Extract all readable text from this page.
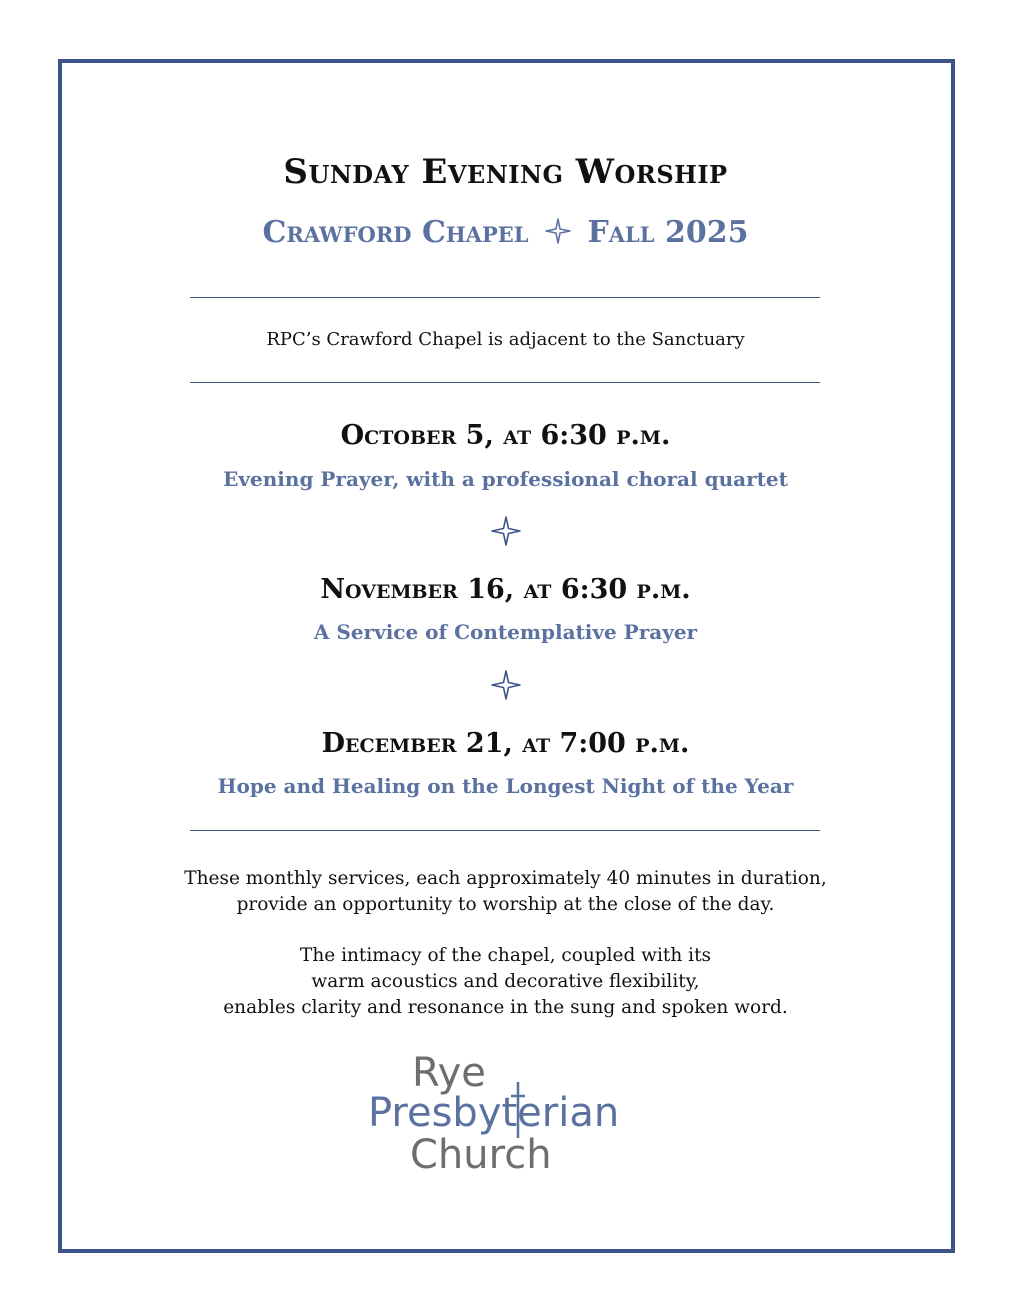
Sunday Evening Worship
Crawford Chapel Fall 2025
RPC’s Crawford Chapel is adjacent to the Sanctuary
October 5, at 6:30 p.m.
Evening Prayer, with a professional choral quartet
November 16, at 6:30 p.m.
A Service of Contemplative Prayer
December 21, at 7:00 p.m.
Hope and Healing on the Longest Night of the Year
These monthly services, each approximately 40 minutes in duration,
provide an opportunity to worship at the close of the day.
The intimacy of the chapel, coupled with its
warm acoustics and decorative flexibility,
enables clarity and resonance in the sung and spoken word.
Rye
Presbyterian
Church
